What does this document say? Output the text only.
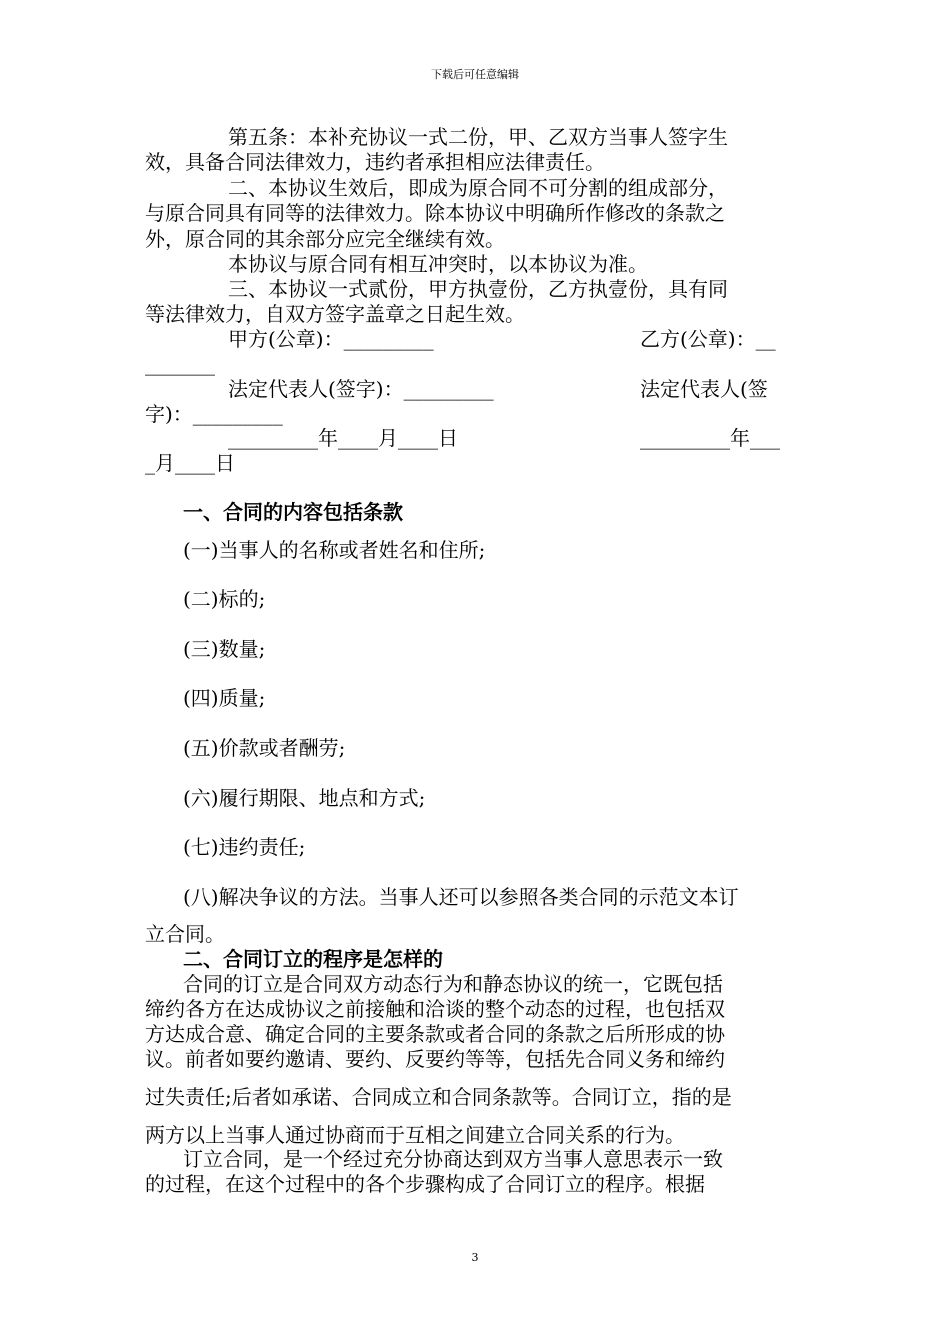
下载后可任意编辑
第五条：本补充协议一式二份，甲、乙双方当事人签字生
效，具备合同法律效力，违约者承担相应法律责任。
二、本协议生效后，即成为原合同不可分割的组成部分，
与原合同具有同等的法律效力。除本协议中明确所作修改的条款之
外，原合同的其余部分应完全继续有效。
本协议与原合同有相互冲突时，以本协议为准。
三、本协议一式贰份，甲方执壹份，乙方执壹份，具有同
等法律效力，自双方签字盖章之日起生效。
甲方(公章)：_________	乙方(公章)：__
_______
法定代表人(签字)：_________	法定代表人(签
字)：_________
_________年____月____日	_________年___
_月____日
一、合同的内容包括条款
(一)当事人的名称或者姓名和住所;
(二)标的;
(三)数量;
(四)质量;
(五)价款或者酬劳;
(六)履行期限、地点和方式;
(七)违约责任;
(八)解决争议的方法。当事人还可以参照各类合同的示范文本订
立合同。
二、合同订立的程序是怎样的
合同的订立是合同双方动态行为和静态协议的统一，它既包括
缔约各方在达成协议之前接触和洽谈的整个动态的过程，也包括双
方达成合意、确定合同的主要条款或者合同的条款之后所形成的协
议。前者如要约邀请、要约、反要约等等，包括先合同义务和缔约
过失责任;后者如承诺、合同成立和合同条款等。合同订立，指的是
两方以上当事人通过协商而于互相之间建立合同关系的行为。
订立合同，是一个经过充分协商达到双方当事人意思表示一致
的过程，在这个过程中的各个步骤构成了合同订立的程序。根据
3
